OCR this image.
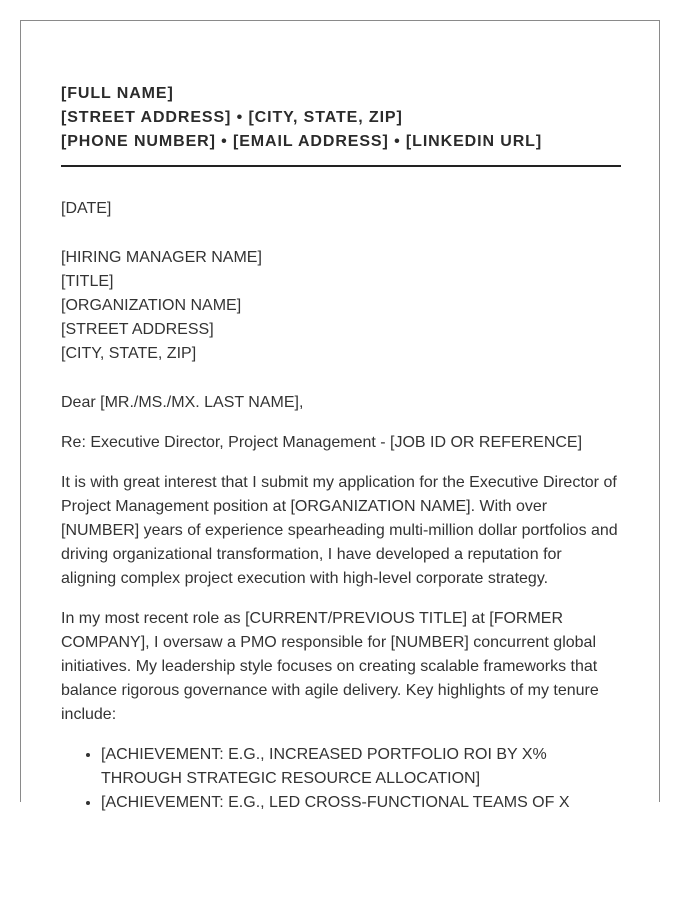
[FULL NAME]
[STREET ADDRESS] • [CITY, STATE, ZIP]
[PHONE NUMBER] • [EMAIL ADDRESS] • [LINKEDIN URL]
[DATE]
[HIRING MANAGER NAME]
[TITLE]
[ORGANIZATION NAME]
[STREET ADDRESS]
[CITY, STATE, ZIP]
Dear [MR./MS./MX. LAST NAME],
Re: Executive Director, Project Management - [JOB ID OR REFERENCE]
It is with great interest that I submit my application for the Executive Director of Project Management position at [ORGANIZATION NAME]. With over [NUMBER] years of experience spearheading multi-million dollar portfolios and driving organizational transformation, I have developed a reputation for aligning complex project execution with high-level corporate strategy.
In my most recent role as [CURRENT/PREVIOUS TITLE] at [FORMER COMPANY], I oversaw a PMO responsible for [NUMBER] concurrent global initiatives. My leadership style focuses on creating scalable frameworks that balance rigorous governance with agile delivery. Key highlights of my tenure include:
• [ACHIEVEMENT: E.G., INCREASED PORTFOLIO ROI BY X% THROUGH STRATEGIC RESOURCE ALLOCATION]
• [ACHIEVEMENT: E.G., LED CROSS-FUNCTIONAL TEAMS OF X
